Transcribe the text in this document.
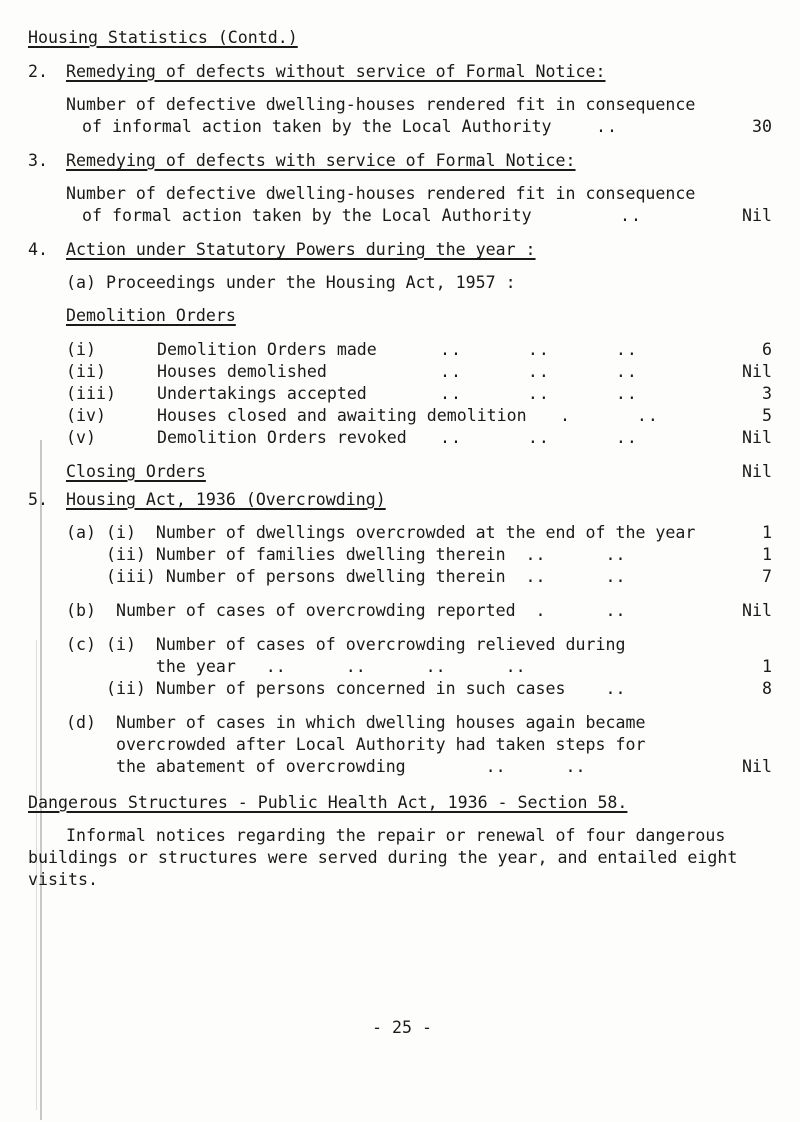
Housing Statistics (Contd.)
2. Remedying of defects without service of Formal Notice:
Number of defective dwelling-houses rendered fit in consequence
of informal action taken by the Local Authority	..	30
3. Remedying of defects with service of Formal Notice:
Number of defective dwelling-houses rendered fit in consequence
of formal action taken by the Local Authority	..	Nil
4. Action under Statutory Powers during the year :
(a) Proceedings under the Housing Act, 1957 :
Demolition Orders
(i)	Demolition Orders made	..      ..      ..	6
(ii)	Houses demolished	..      ..      ..	Nil
(iii) Undertakings accepted	..      ..      ..	3
(iv)	Houses closed and awaiting demolition .      ..	5
(v)	Demolition Orders revoked ..      ..      ..	Nil
Closing Orders	Nil
5. Housing Act, 1936 (Overcrowding)
(a) (i)  Number of dwellings overcrowded at the end of the year	1
(ii) Number of families dwelling therein  ..      ..	1
(iii) Number of persons dwelling therein  ..      ..	7
(b)  Number of cases of overcrowding reported  .      ..	Nil
(c) (i)  Number of cases of overcrowding relieved during
the year   ..      ..      ..      ..	1
(ii) Number of persons concerned in such cases    ..	8
(d)  Number of cases in which dwelling houses again became
overcrowded after Local Authority had taken steps for
the abatement of overcrowding        ..      ..	Nil
Dangerous Structures - Public Health Act, 1936 - Section 58.
Informal notices regarding the repair or renewal of four dangerous
buildings or structures were served during the year, and entailed eight
visits.
- 25 -
